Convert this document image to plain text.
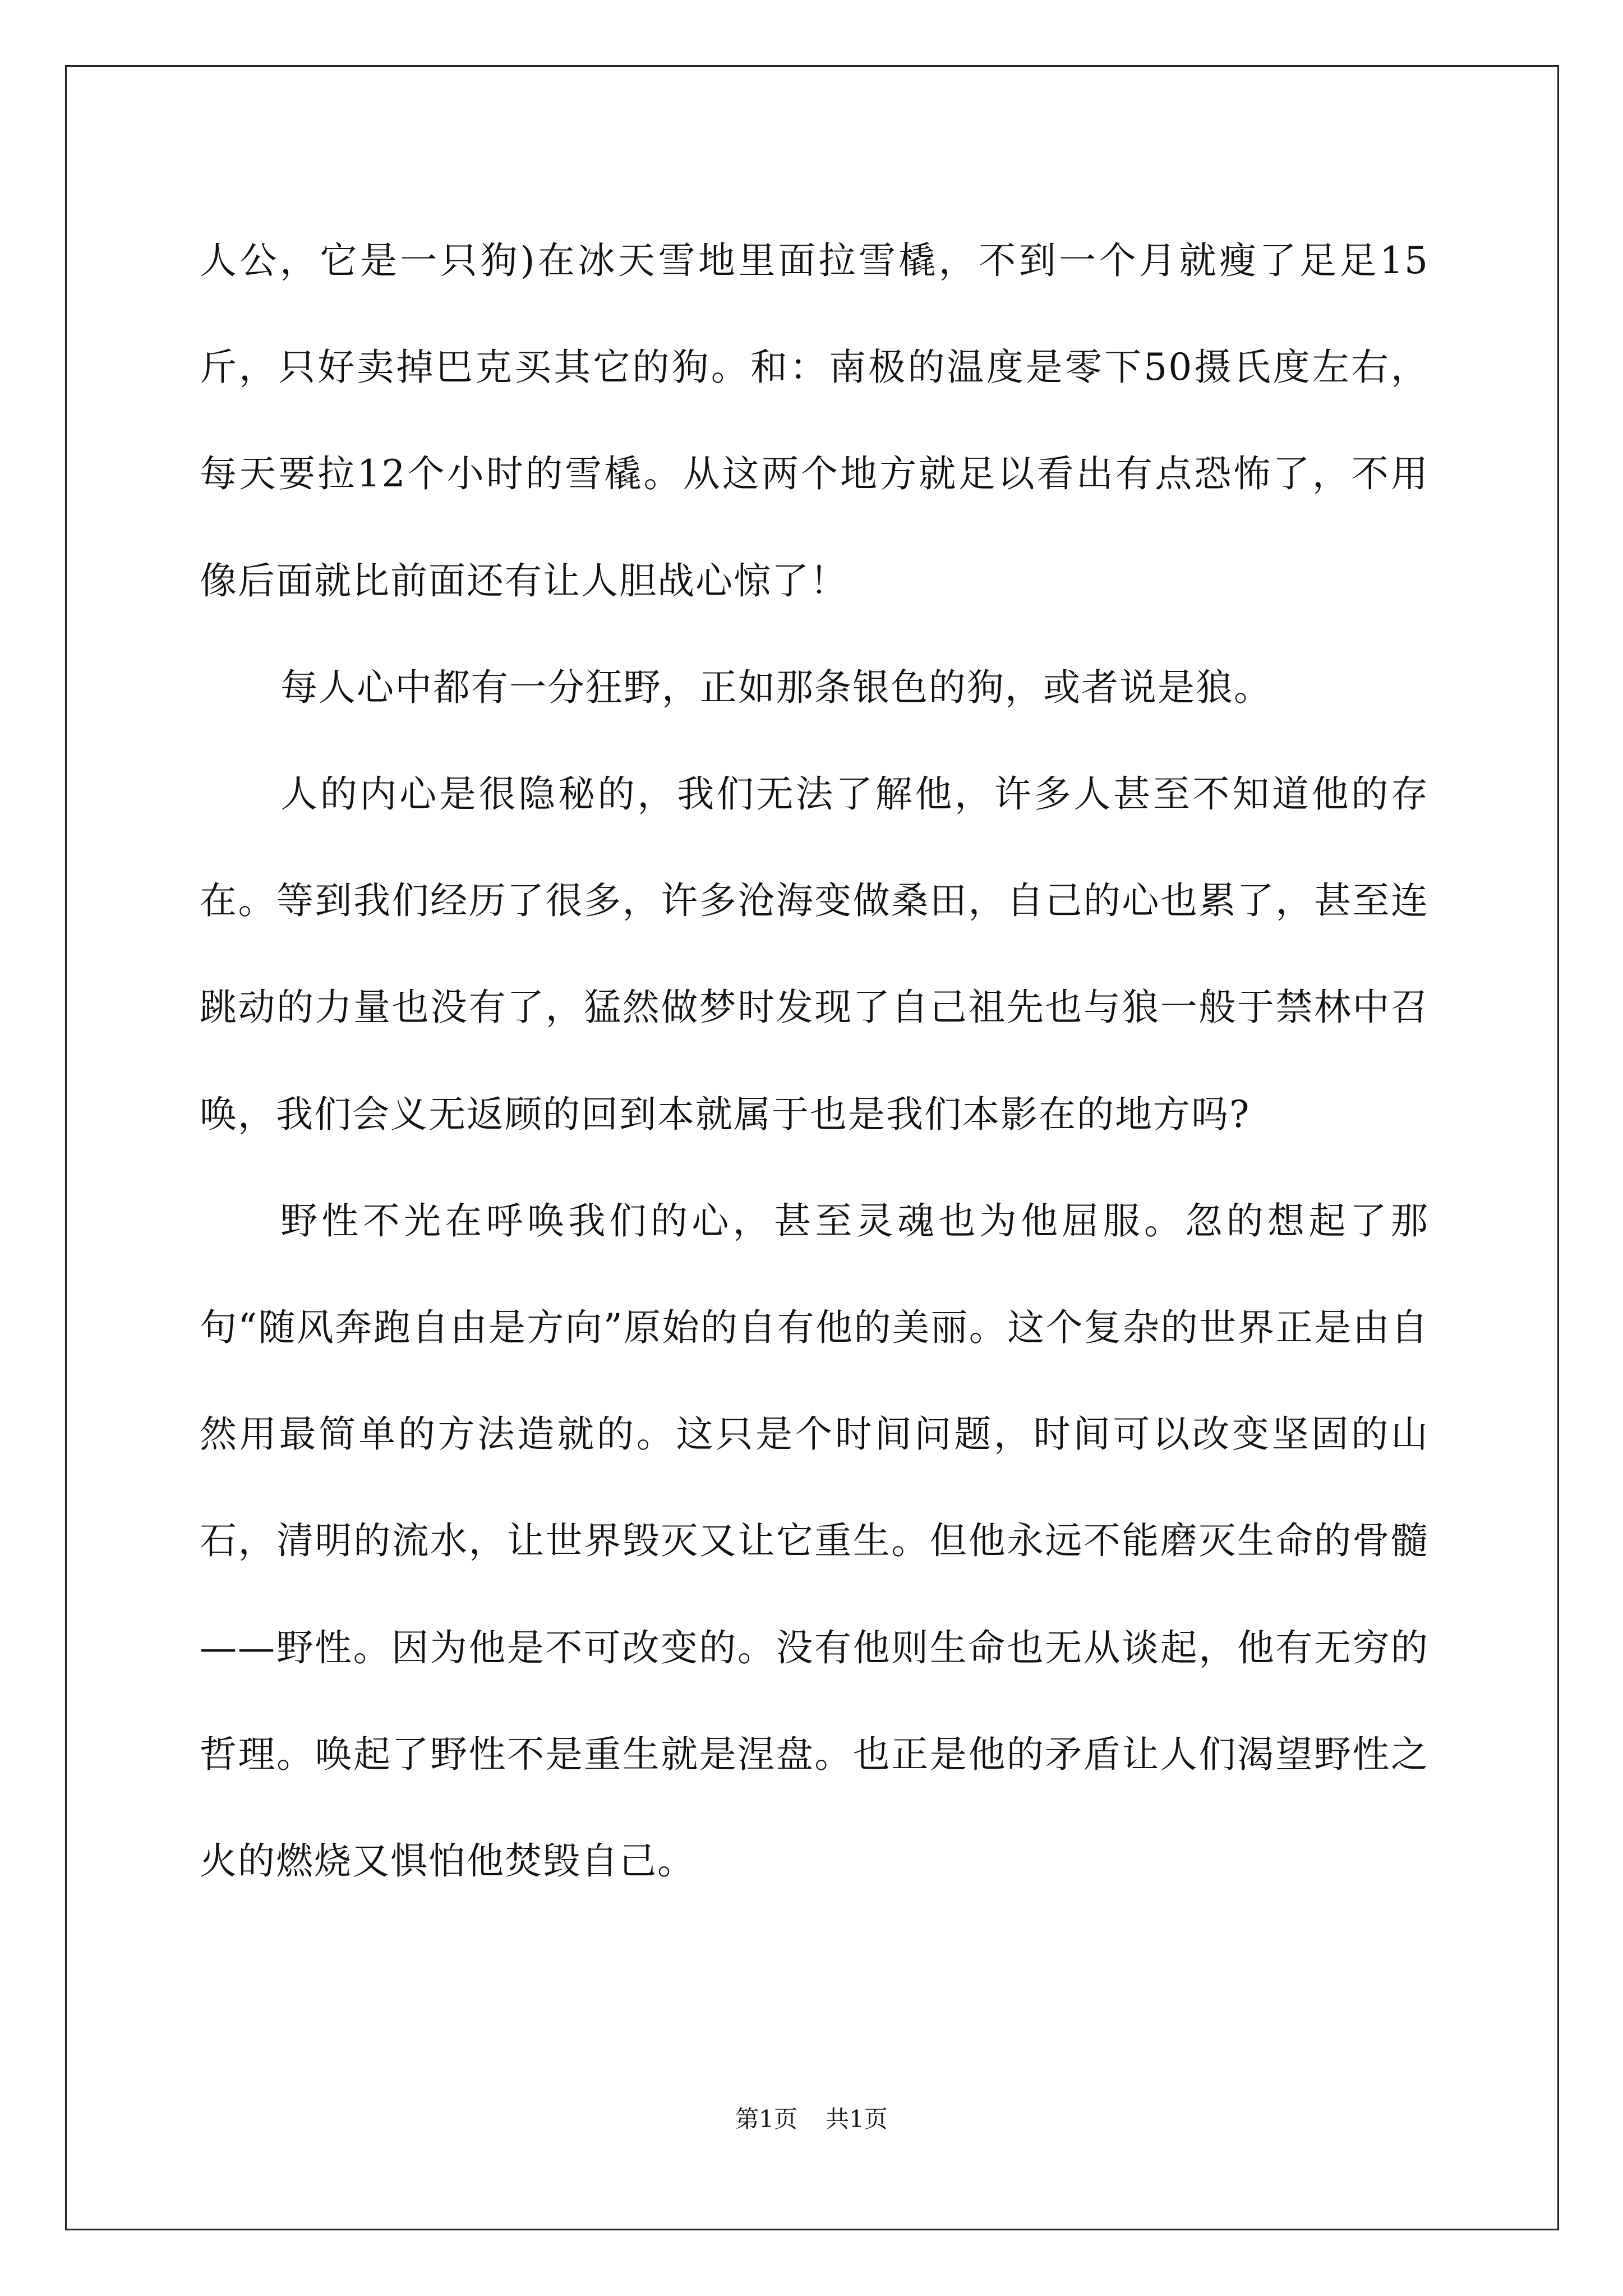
人公，它是一只狗)在冰天雪地里面拉雪橇，不到一个月就瘦了足足15斤，只好卖掉巴克买其它的狗。和：南极的温度是零下50摄氏度左右，每天要拉12个小时的雪橇。从这两个地方就足以看出有点恐怖了，不用像后面就比前面还有让人胆战心惊了！

每人心中都有一分狂野，正如那条银色的狗，或者说是狼。

人的内心是很隐秘的，我们无法了解他，许多人甚至不知道他的存在。等到我们经历了很多，许多沧海变做桑田，自己的心也累了，甚至连跳动的力量也没有了，猛然做梦时发现了自己祖先也与狼一般于禁林中召唤，我们会义无返顾的回到本就属于也是我们本影在的地方吗?

野性不光在呼唤我们的心，甚至灵魂也为他屈服。忽的想起了那句“随风奔跑自由是方向”原始的自有他的美丽。这个复杂的世界正是由自然用最简单的方法造就的。这只是个时间问题，时间可以改变坚固的山石，清明的流水，让世界毁灭又让它重生。但他永远不能磨灭生命的骨髓——野性。因为他是不可改变的。没有他则生命也无从谈起，他有无穷的哲理。唤起了野性不是重生就是涅盘。也正是他的矛盾让人们渴望野性之火的燃烧又惧怕他焚毁自己。

第1页 共1页
